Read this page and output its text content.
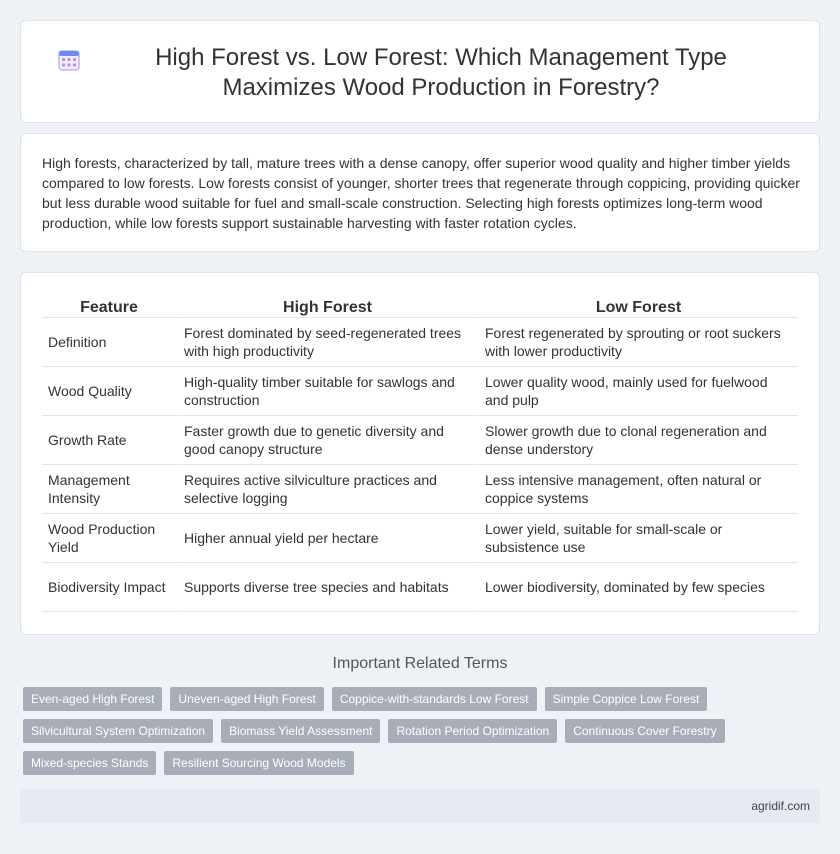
High Forest vs. Low Forest: Which Management Type Maximizes Wood Production in Forestry?

High forests, characterized by tall, mature trees with a dense canopy, offer superior wood quality and higher timber yields compared to low forests. Low forests consist of younger, shorter trees that regenerate through coppicing, providing quicker but less durable wood suitable for fuel and small-scale construction. Selecting high forests optimizes long-term wood production, while low forests support sustainable harvesting with faster rotation cycles.

Feature	High Forest	Low Forest
Definition	Forest dominated by seed-regenerated trees with high productivity	Forest regenerated by sprouting or root suckers with lower productivity
Wood Quality	High-quality timber suitable for sawlogs and construction	Lower quality wood, mainly used for fuelwood and pulp
Growth Rate	Faster growth due to genetic diversity and good canopy structure	Slower growth due to clonal regeneration and dense understory
Management Intensity	Requires active silviculture practices and selective logging	Less intensive management, often natural or coppice systems
Wood Production Yield	Higher annual yield per hectare	Lower yield, suitable for small-scale or subsistence use
Biodiversity Impact	Supports diverse tree species and habitats	Lower biodiversity, dominated by few species
Important Related Terms
Even-aged High Forest	Uneven-aged High Forest	Coppice-with-standards Low Forest	Simple Coppice Low Forest
Silvicultural System Optimization	Biomass Yield Assessment	Rotation Period Optimization	Continuous Cover Forestry
Mixed-species Stands	Resilient Sourcing Wood Models
agridif.com
